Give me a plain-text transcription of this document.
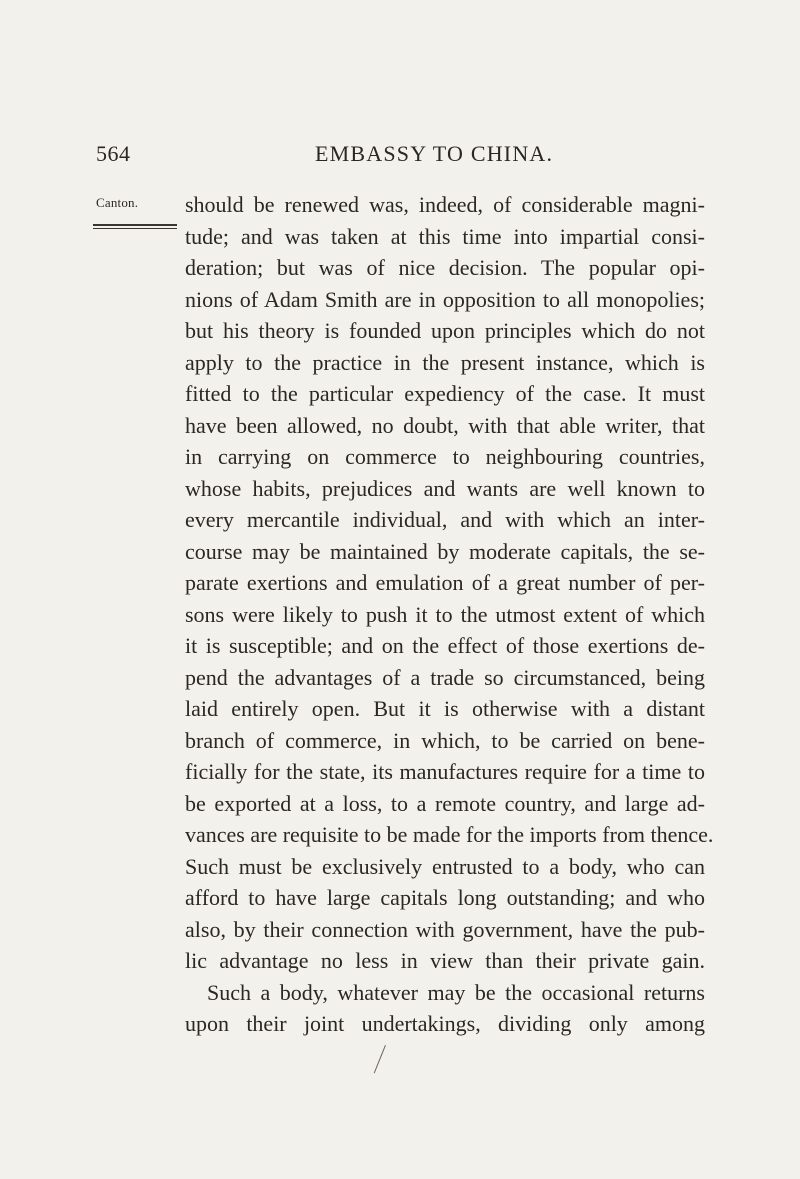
564	EMBASSY TO CHINA.
Canton. should be renewed was, indeed, of considerable magni-
tude; and was taken at this time into impartial consi-
deration; but was of nice decision. The popular opi-
nions of Adam Smith are in opposition to all monopolies;
but his theory is founded upon principles which do not
apply to the practice in the present instance, which is
fitted to the particular expediency of the case. It must
have been allowed, no doubt, with that able writer, that
in carrying on commerce to neighbouring countries,
whose habits, prejudices and wants are well known to
every mercantile individual, and with which an inter-
course may be maintained by moderate capitals, the se-
parate exertions and emulation of a great number of per-
sons were likely to push it to the utmost extent of which
it is susceptible; and on the effect of those exertions de-
pend the advantages of a trade so circumstanced, being
laid entirely open. But it is otherwise with a distant
branch of commerce, in which, to be carried on bene-
ficially for the state, its manufactures require for a time to
be exported at a loss, to a remote country, and large ad-
vances are requisite to be made for the imports from thence.
Such must be exclusively entrusted to a body, who can
afford to have large capitals long outstanding; and who
also, by their connection with government, have the pub-
lic advantage no less in view than their private gain.
Such a body, whatever may be the occasional returns
upon their joint undertakings, dividing only among
